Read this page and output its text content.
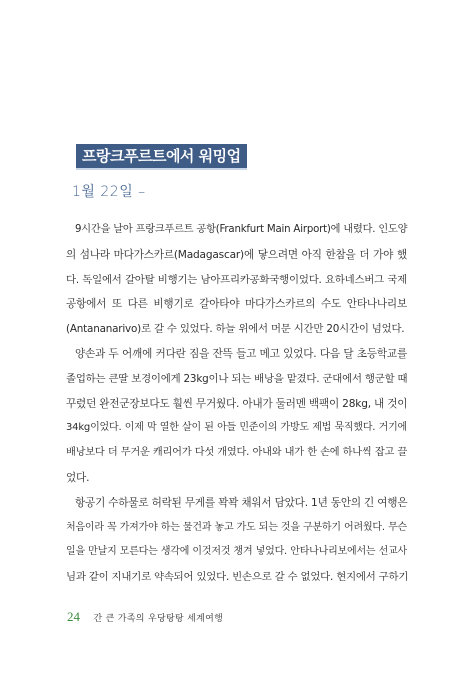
프랑크푸르트에서 워밍업
1월 22일 –
9시간을 날아 프랑크푸르트 공항(Frankfurt Main Airport)에 내렸다. 인도양
의 섬나라 마다가스카르(Madagascar)에 닿으려면 아직 한참을 더 가야 했
다. 독일에서 갈아탈 비행기는 남아프리카공화국행이었다. 요하네스버그 국제
공항에서 또 다른 비행기로 갈아타야 마다가스카르의 수도 안타나나리보
(Antananarivo)로 갈 수 있었다. 하늘 위에서 머문 시간만 20시간이 넘었다.
양손과 두 어깨에 커다란 짐을 잔뜩 들고 메고 있었다. 다음 달 초등학교를
졸업하는 큰딸 보경이에게 23kg이나 되는 배낭을 맡겼다. 군대에서 행군할 때
꾸렸던 완전군장보다도 훨씬 무거웠다. 아내가 둘러멘 백팩이 28kg, 내 것이
34kg이었다. 이제 막 열한 살이 된 아들 민준이의 가방도 제법 묵직했다. 거기에
배낭보다 더 무거운 캐리어가 다섯 개였다. 아내와 내가 한 손에 하나씩 잡고 끌
었다.
항공기 수하물로 허락된 무게를 꽉꽉 채워서 담았다. 1년 동안의 긴 여행은
처음이라 꼭 가져가야 하는 물건과 놓고 가도 되는 것을 구분하기 어려웠다. 무슨
일을 만날지 모른다는 생각에 이것저것 챙겨 넣었다. 안타나나리보에서는 선교사
님과 같이 지내기로 약속되어 있었다. 빈손으로 갈 수 없었다. 현지에서 구하기
24 간 큰 가족의 우당탕탕 세계여행
